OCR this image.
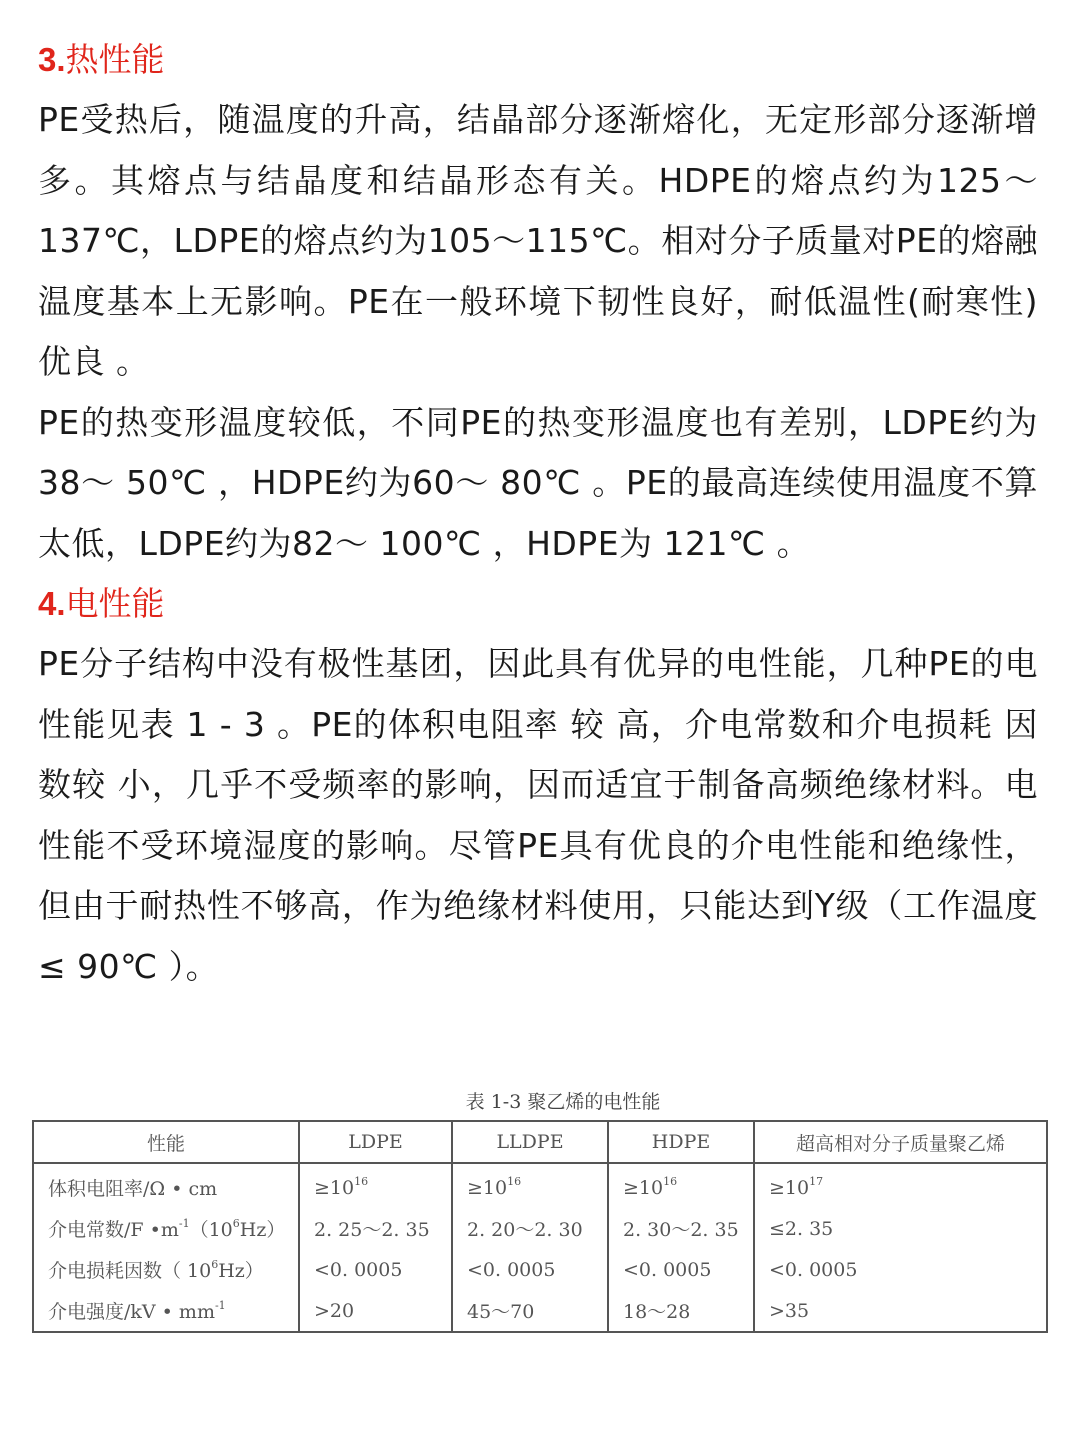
3.热性能

PE受热后，随温度的升高，结晶部分逐渐熔化，无定形部分逐渐增多。其熔点与结晶度和结晶形态有关。HDPE的熔点约为125～137℃，LDPE的熔点约为105～115℃。相对分子质量对PE的熔融温度基本上无影响。PE在一般环境下韧性良好，耐低温性(耐寒性)优良 。

PE的热变形温度较低，不同PE的热变形温度也有差别，LDPE约为38～ 50℃ ，HDPE约为60～ 80℃ 。PE的最高连续使用温度不算太低，LDPE约为82～ 100℃ ，HDPE为 121℃ 。

4.电性能

PE分子结构中没有极性基团，因此具有优异的电性能，几种PE的电性能见表 1 - 3 。PE的体积电阻率 较 高，介电常数和介电损耗 因数较 小，几乎不受频率的影响，因而适宜于制备高频绝缘材料。电性能不受环境湿度的影响。尽管PE具有优良的介电性能和绝缘性，但由于耐热性不够高，作为绝缘材料使用，只能达到Y级（工作温度≤ 90℃ ）。

表 1-3 聚乙烯的电性能
性能	LDPE	LLDPE	HDPE	超高相对分子质量聚乙烯
体积电阻率/Ω • cm	$\ge 10^{16}$	$\ge 10^{16}$	$\ge 10^{16}$	$\ge 10^{17}$
介电常数/F $•m^{-1}(10^6Hz)$	2. 25～2. 35	2. 20～2. 30	2. 30～2. 35	≤2. 35
介电损耗因数（ $10^6Hz$）	<0. 0005	<0. 0005	<0. 0005	<0. 0005
介电强度/kV • $mm^{-1}$	>20	45～70	18～28	>35
